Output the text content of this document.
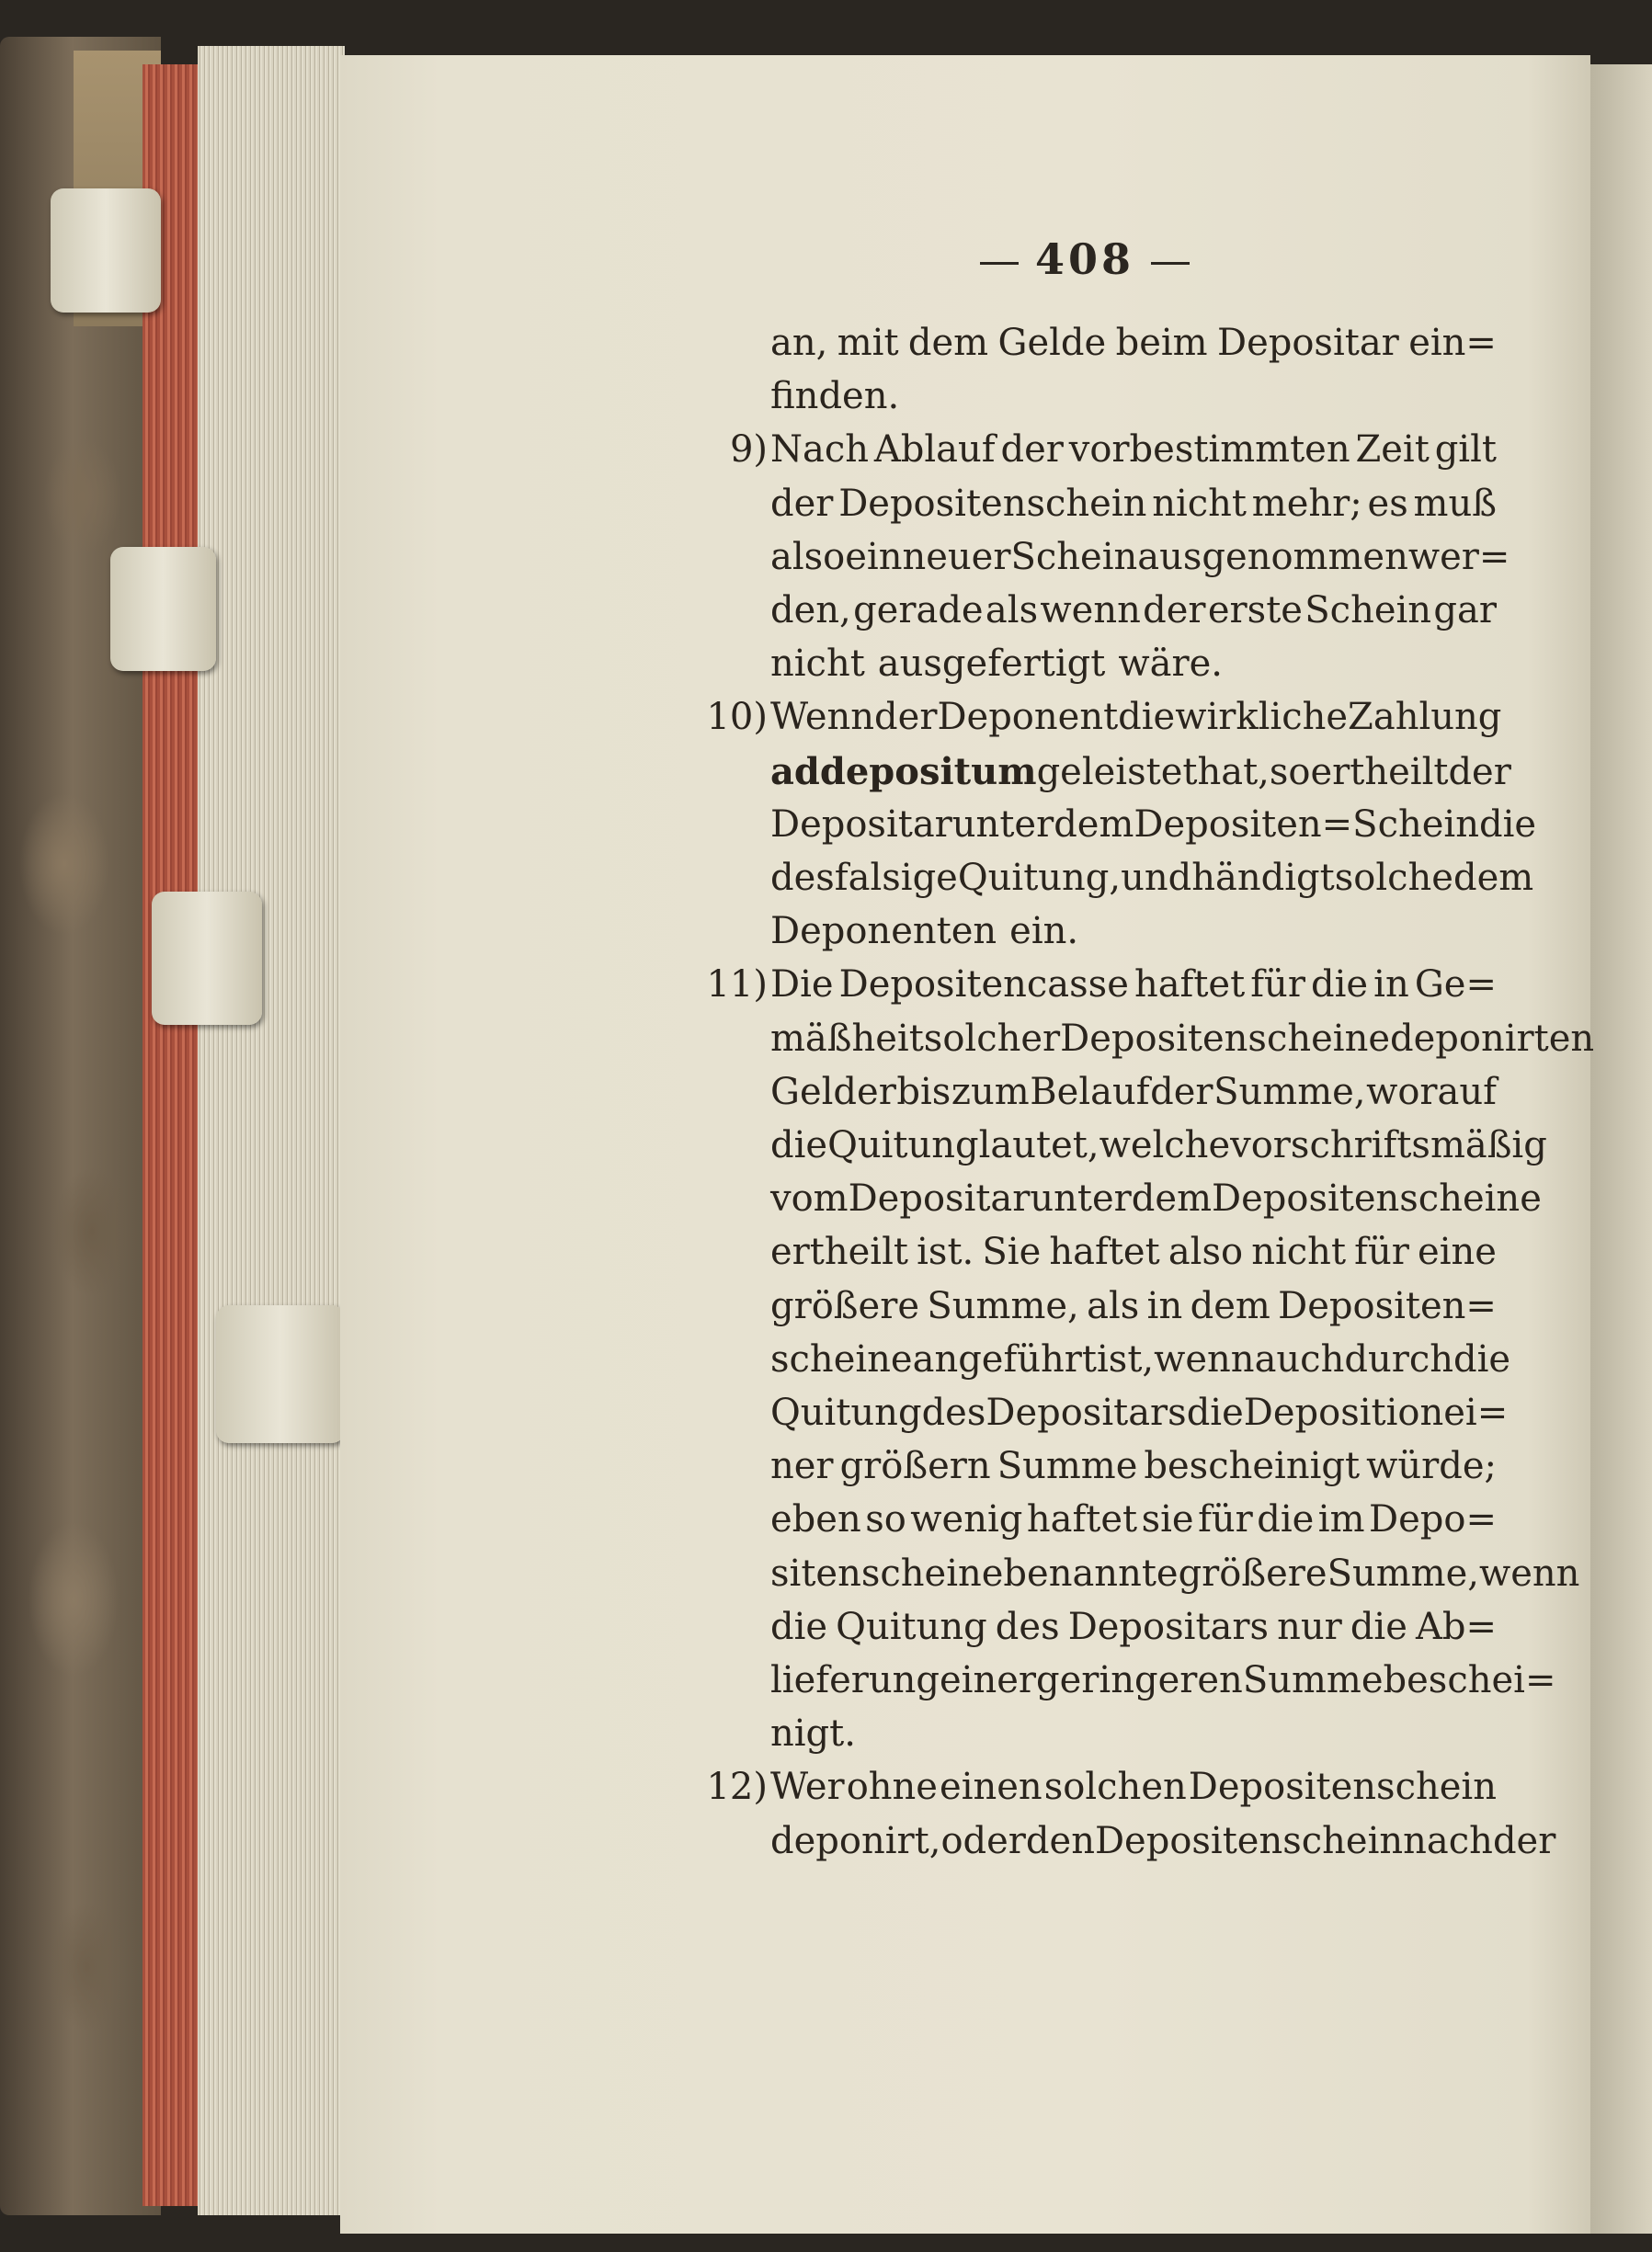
408
an, mit dem Gelde beim Depositar ein=
finden.
9) Nach Ablauf der vorbestimmten Zeit gilt
der Depositenschein nicht mehr; es muß
also ein neuer Schein ausgenommen wer=
den, gerade als wenn der erste Schein gar
nicht ausgefertigt wäre.
10) Wenn der Deponent die wirkliche Zahlung
ad depositum geleistet hat, so ertheilt der
Depositar unter dem Depositen=Schein die
desfalsige Quitung, und händigt solche dem
Deponenten ein.
11) Die Depositencasse haftet für die in Ge=
mäßheit solcher Depositenscheine deponirten
Gelder bis zum Belauf der Summe, worauf
die Quitung lautet, welche vorschriftsmäßig
vom Depositar unter dem Depositenscheine
ertheilt ist. Sie haftet also nicht für eine
größere Summe, als in dem Depositen=
scheine angeführt ist, wenn auch durch die
Quitung des Depositars die Deposition ei=
ner größern Summe bescheinigt würde;
eben so wenig haftet sie für die im Depo=
sitenscheine benannte größere Summe, wenn
die Quitung des Depositars nur die Ab=
lieferung einer geringeren Summe beschei=
nigt.
12) Wer ohne einen solchen Depositenschein
deponirt, oder den Depositenschein nach der
